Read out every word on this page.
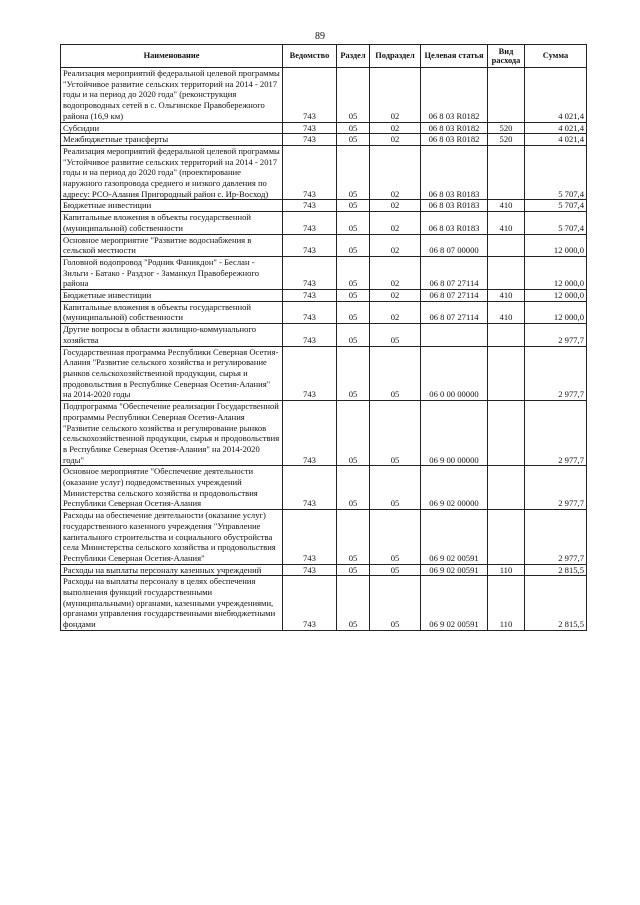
89
Наименование	Ведомство	Раздел	Подраздел	Целевая статья	Вид расхода	Сумма
Реализация мероприятий федеральной целевой программы "Устойчивое развитие сельских территорий на 2014 - 2017 годы и на период до 2020 года" (реконструкция водопроводных сетей в с. Ольгинское Правобережного района (16,9 км)	743	05	02	06 8 03 R0182		4 021,4
Субсидии	743	05	02	06 8 03 R0182	520	4 021,4
Межбюджетные трансферты	743	05	02	06 8 03 R0182	520	4 021,4
Реализация мероприятий федеральной целевой программы "Устойчивое развитие сельских территорий на 2014 - 2017 годы и на период до 2020 года" (проектирование наружного газопровода среднего и низкого давления по адресу: РСО-Алания Пригородный район с. Ир-Восход)	743	05	02	06 8 03 R0183		5 707,4
Бюджетные инвестиции	743	05	02	06 8 03 R0183	410	5 707,4
Капитальные вложения в объекты государственной (муниципальной) собственности	743	05	02	06 8 03 R0183	410	5 707,4
Основное мероприятие "Развитие водоснабжения в сельской местности	743	05	02	06 8 07 00000		12 000,0
Головной водопровод "Родник Фаникдон" - Беслан - Зильги - Батако - Раздзог - Заманкул Правобережного района	743	05	02	06 8 07 27114		12 000,0
Бюджетные инвестиции	743	05	02	06 8 07 27114	410	12 000,0
Капитальные вложения в объекты государственной (муниципальной) собственности	743	05	02	06 8 07 27114	410	12 000,0
Другие вопросы в области жилищно-коммунального хозяйства	743	05	05			2 977,7
Государственная программа Республики Северная Осетия-Алания "Развитие сельского хозяйства и регулирование рынков сельскохозяйственной продукции, сырья и продовольствия в Республике Северная Осетия-Алания" на 2014-2020 годы	743	05	05	06 0 00 00000		2 977,7
Подпрограмма "Обеспечение реализации Государственной программы Республики Северная Осетия-Алания "Развитие сельского хозяйства и регулирование рынков сельскохозяйственной продукции, сырья и продовольствия в Республике Северная Осетия-Алания" на 2014-2020 годы"	743	05	05	06 9 00 00000		2 977,7
Основное мероприятие "Обеспечение деятельности (оказание услуг) подведомственных учреждений Министерства сельского хозяйства и продовольствия Республики Северная Осетия-Алания	743	05	05	06 9 02 00000		2 977,7
Расходы на обеспечение деятельности (оказание услуг) государственного казенного учреждения "Управление капитального строительства и социального обустройства села Министерства сельского хозяйства и продовольствия Республики Северная Осетия-Алания"	743	05	05	06 9 02 00591		2 977,7
Расходы на выплаты персоналу казенных учреждений	743	05	05	06 9 02 00591	110	2 815,5
Расходы на выплаты персоналу в целях обеспечения выполнения функций государственными (муниципальными) органами, казенными учреждениями, органами управления государственными внебюджетными фондами	743	05	05	06 9 02 00591	110	2 815,5
